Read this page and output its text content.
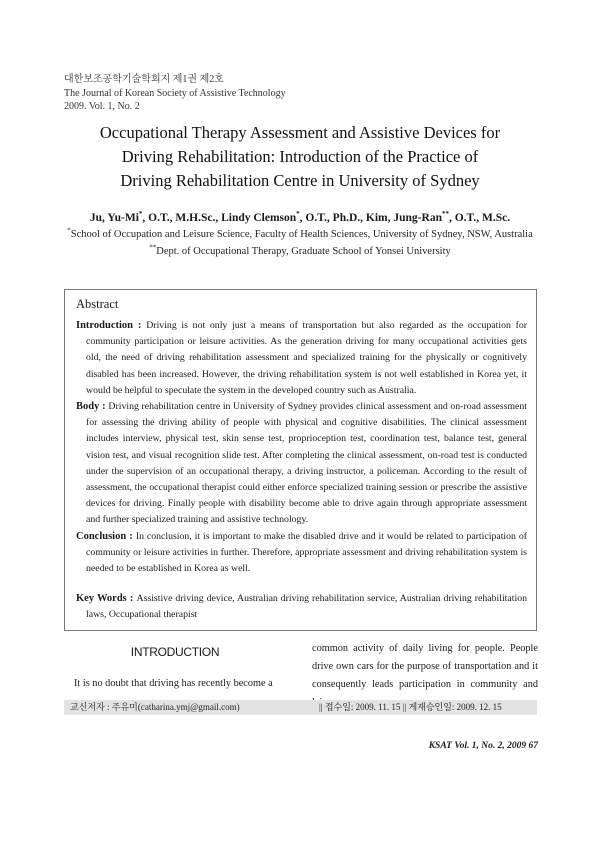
대한보조공학기술학회지 제1권 제2호
The Journal of Korean Society of Assistive Technology
2009. Vol. 1, No. 2
Occupational Therapy Assessment and Assistive Devices for
Driving Rehabilitation: Introduction of the Practice of
Driving Rehabilitation Centre in University of Sydney
Ju, Yu-Mi*, O.T., M.H.Sc., Lindy Clemson*, O.T., Ph.D., Kim, Jung-Ran**, O.T., M.Sc.
*School of Occupation and Leisure Science, Faculty of Health Sciences, University of Sydney, NSW, Australia
**Dept. of Occupational Therapy, Graduate School of Yonsei University
Abstract

Introduction : Driving is not only just a means of transportation but also regarded as the occupation for community participation or leisure activities. As the generation driving for many occupational activities gets old, the need of driving rehabilitation assessment and specialized training for the physically or cognitively disabled has been increased. However, the driving rehabilitation system is not well established in Korea yet, it would be helpful to speculate the system in the developed country such as Australia.

Body : Driving rehabilitation centre in University of Sydney provides clinical assessment and on-road assessment for assessing the driving ability of people with physical and cognitive disabilities. The clinical assessment includes interview, physical test, skin sense test, proprioception test, coordination test, balance test, general vision test, and visual recognition slide test. After completing the clinical assessment, on-road test is conducted under the supervision of an occupational therapy, a driving instructor, a policeman. According to the result of assessment, the occupational therapist could either enforce specialized training session or prescribe the assistive devices for driving. Finally people with disability become able to drive again through appropriate assessment and further specialized training and assistive technology.

Conclusion : In conclusion, it is important to make the disabled drive and it would be related to participation of community or leisure activities in further. Therefore, appropriate assessment and driving rehabilitation system is needed to be established in Korea as well.

Key Words : Assistive driving device, Australian driving rehabilitation service, Australian driving rehabilitation laws, Occupational therapist

INTRODUCTION
It is no doubt that driving has recently become a
common activity of daily living for people. People drive own cars for the purpose of transportation and it consequently leads participation in community and
교신저자 : 주유미(catharina.ymj@gmail.com)	|| 접수일: 2009. 11. 15 || 게재승인일: 2009. 12. 15
KSAT Vol. 1, No. 2, 2009 67
